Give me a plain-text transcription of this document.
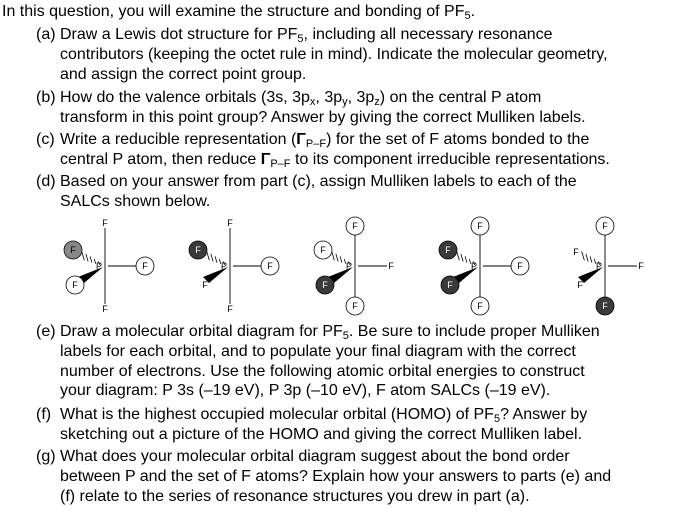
In this question, you will examine the structure and bonding of $PF_5$.
(a) Draw a Lewis dot structure for $PF_5$, including all necessary resonance
contributors (keeping the octet rule in mind). Indicate the molecular geometry,
and assign the correct point group.
(b) How do the valence orbitals (3s, $3p_x$, $3p_y$, $3p_z$) on the central P atom
transform in this point group? Answer by giving the correct Mulliken labels.
(c) Write a reducible representation $(\Gamma_{P-F})$ for the set of F atoms bonded to the
central P atom, then reduce $\Gamma_{P-F}$ to its component irreducible representations.
(d) Based on your answer from part (c), assign Mulliken labels to each of the
SALCs shown below.
P	F
F
F
F
F
P	F
F
F
F
F
P	F
F
F
F
F
P	F
F
F
F
F
P	F
F
F
F
F
(e) Draw a molecular orbital diagram for $PF_5$. Be sure to include proper Mulliken
labels for each orbital, and to populate your final diagram with the correct
number of electrons. Use the following atomic orbital energies to construct
your diagram: P 3s (–19 eV), P 3p (–10 eV), F atom SALCs (–19 eV).
(f) What is the highest occupied molecular orbital (HOMO) of $PF_5$? Answer by
sketching out a picture of the HOMO and giving the correct Mulliken label.
(g) What does your molecular orbital diagram suggest about the bond order
between P and the set of F atoms? Explain how your answers to parts (e) and
(f) relate to the series of resonance structures you drew in part (a).
